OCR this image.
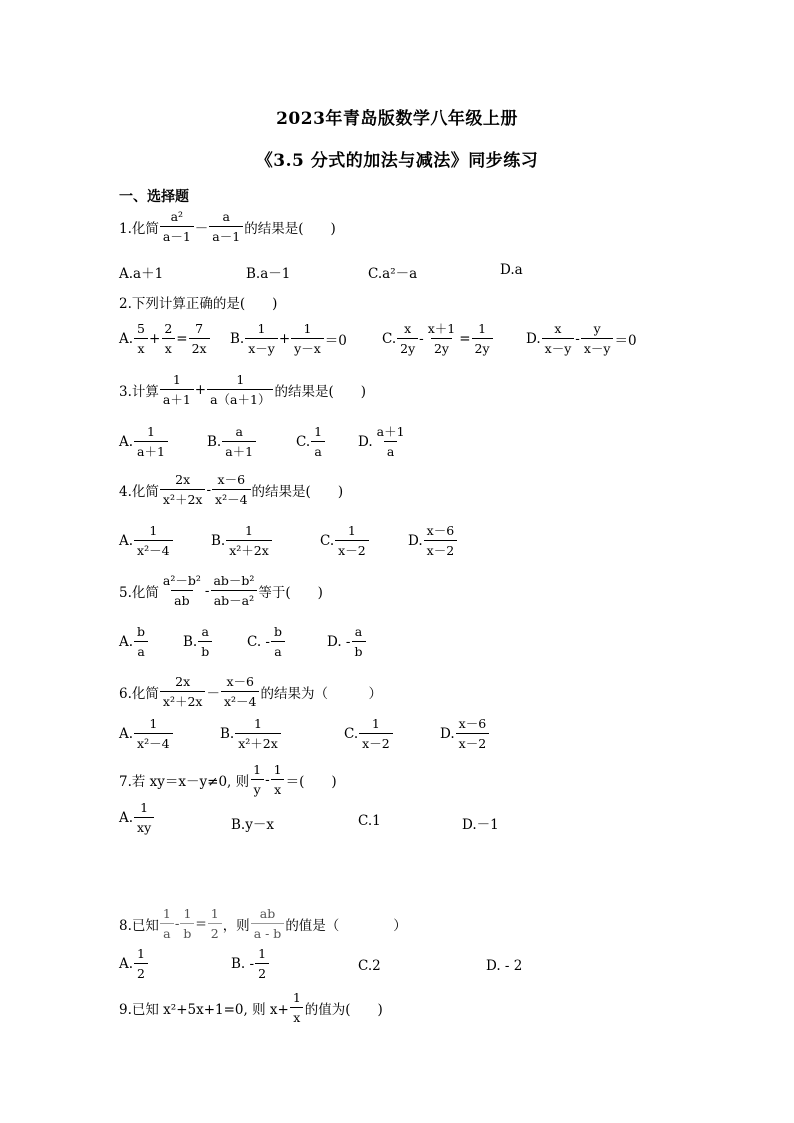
2023年青岛版数学八年级上册
《3.5 分式的加法与减法》同步练习
一、选择题
1.化简 $\frac{\text{a²}}{a-1} - \frac{a}{a-1}$ 的结果是(　　)
A.a＋1	B.a－1	C.a²－a	D.a
2.下列计算正确的是(　　)
A. $\frac{5}{x} + \frac{2}{x} = \frac{7}{2x} B$. $\frac{1}{x-y} + \frac{1}{y-x} =0$	C. $\frac{x}{2y} - \frac{x+1}{2y} = \frac{1}{2y} D$. $\frac{x}{x-y} - \frac{y}{x-y} =0$
3.计算 $\frac{1}{a+1} + \frac{1}{a(a+1)}$ 的结果是(　　)
A. $\frac{1}{a+1}$	B. $\frac{a}{a+1}$	C. $\frac{1}{a} D$. $\frac{a+1}{a}$
4.化简 $\frac{2x}{\text{x²＋2x}} - \frac{x-6}{\text{x²－4}}$ 的结果是(　　)
A. $\frac{1}{\text{x²－4}}$	B. $\frac{1}{\text{x²＋2x}}$	C. $\frac{1}{x-2}$	D. $\frac{x-6}{x-2}$
5.化简 $\frac{\text{a²－b²}}{ab} - \frac{\text{ab－b²}}{\text{ab－a²}}$ 等于(　　)
A. $\frac{b}{a}$	B. $\frac{a}{b}$	C. - $\frac{b}{a}$	D. - $\frac{a}{b}$
6.化简 $\frac{2x}{\text{x²＋2x}} - \frac{x-6}{\text{x²－4}}$ 的结果为（　　　）
A. $\frac{1}{\text{x²－4}}$	B. $\frac{1}{\text{x²＋2x}}$	C. $\frac{1}{x-2}$	D. $\frac{x-6}{x-2}$
7.若 xy＝x－y≠0, 则 $\frac{1}{y} - \frac{1}{x}$ ＝(　　)
A. $\frac{1}{xy}$	B.y－x	C.1	D.－1
8.已知 $\frac{1}{a} - \frac{1}{b} = \frac{1}{2}$ ，则 $\frac{ab}{a - b}$ 的值是（　　　　）
A. $\frac{1}{2}$	B. - $\frac{1}{2}$	C.2	D. - 2
9.已知 x²+5x+1=0, 则 $x+ \frac{1}{x}$ 的值为(　　)
